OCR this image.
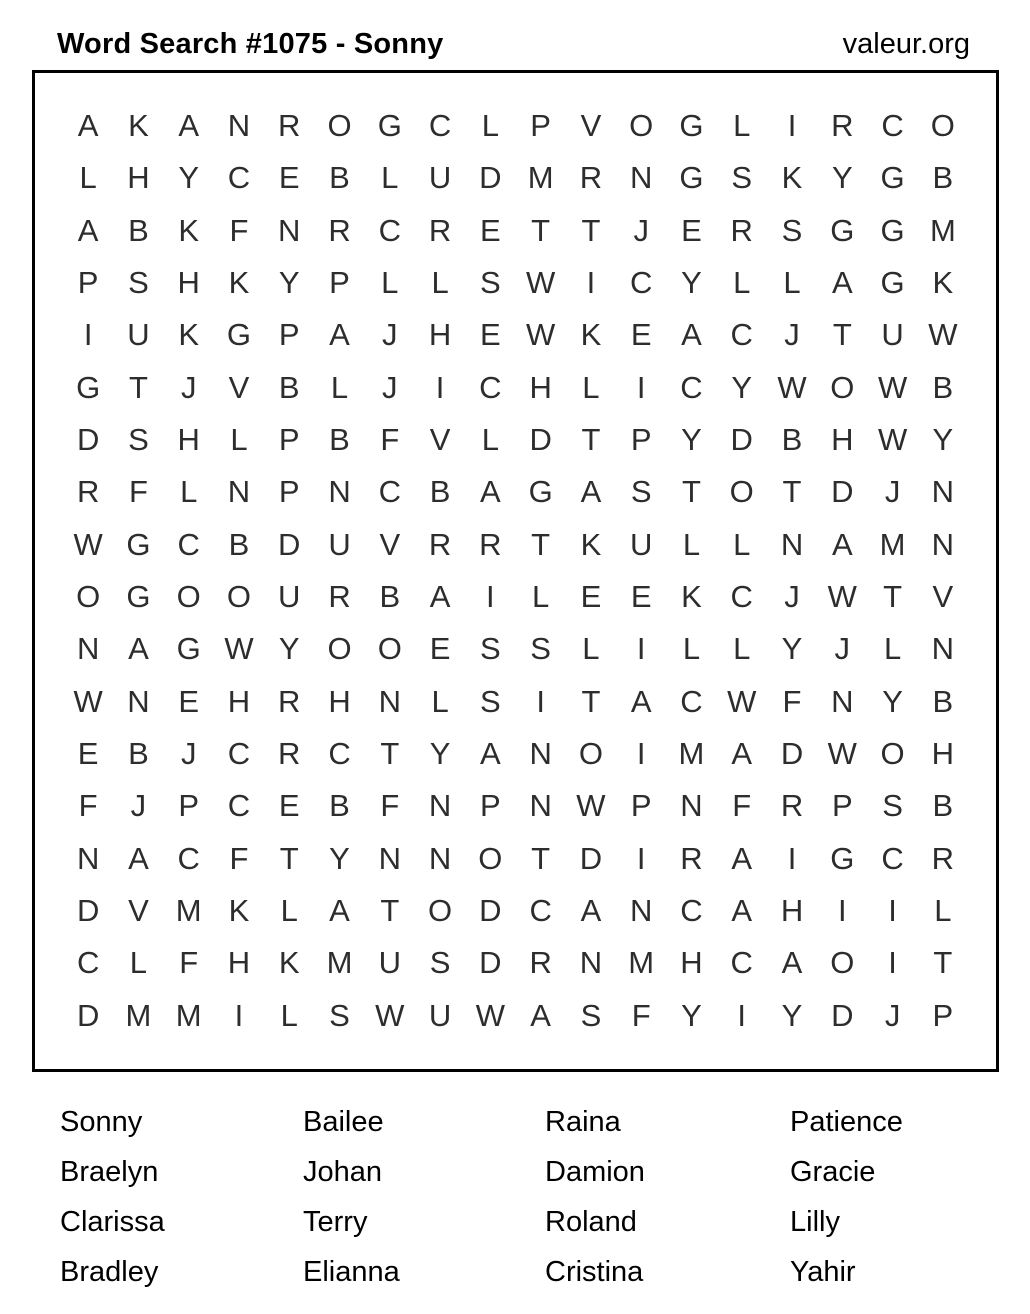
Word Search #1075 - Sonny	valeur.org
A K A N R O G C L	P V O G L	I	R C O
L H Y C E B	L U D M R N G S K Y G B
A B K F N R C R E T	T	J	E R S G G M
P S H K Y P	L	L	S W	I	C Y	L	L	A G K
I	U K G P A	J	H E W K E A C	J	T U W
G T	J	V B	L	J	I	C H L	I	C Y W O W B
D S H L	P B F V	L D T P Y D B H W Y
R F	L N P N C B A G A S T O T D	J	N
W G C B D U V R R T K U L	L N A M N
O G O O U R B A	I	L	E E K C	J W T V
N A G W Y O O E S S	L	I	L	L	Y	J	L N
W N E H R H N L	S	I	T A C W F N Y B
E B	J	C R C T Y A N O	I	M A D W O H
F	J	P C E B F N P N W P N F R P S B
N A C F	T Y N N O T D	I	R A	I	G C R
D V M K	L	A T O D C A N C A H	I	I	L
C L	F H K M U S D R N M H C A O	I	T
D M M	I	L	S W U W A S F Y	I	Y D	J	P
Sonny
Braelyn
Clarissa
Bradley
Bailee
Johan
Terry
Elianna
Raina
Damion
Roland
Cristina
Patience
Gracie
Lilly
Yahir
